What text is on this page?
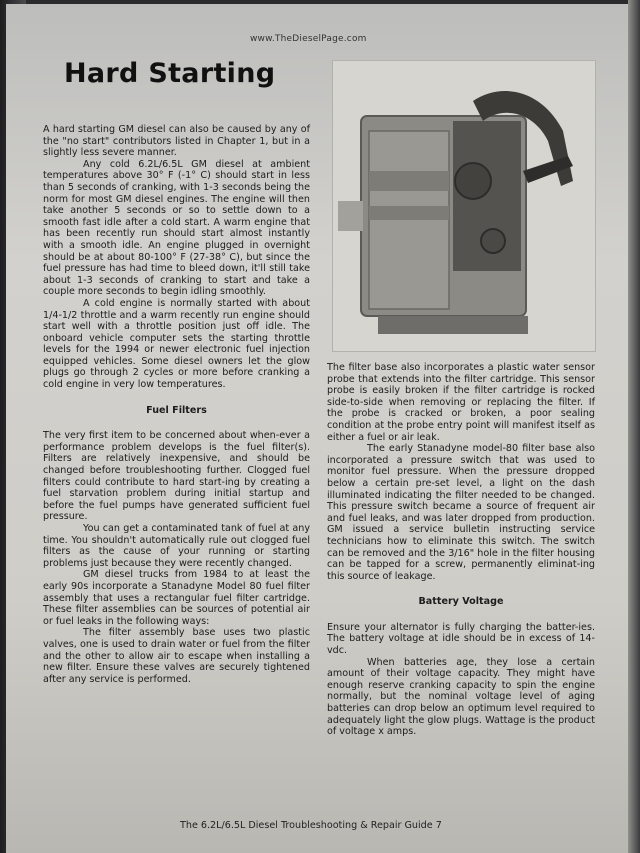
www.TheDieselPage.com
Hard Starting

A hard starting GM diesel can also be caused by any of the "no start" contributors listed in Chapter 1, but in a slightly less severe manner.

Any cold 6.2L/6.5L GM diesel at ambient temperatures above 30° F (-1° C) should start in less than 5 seconds of cranking, with 1-3 seconds being the norm for most GM diesel engines. The engine will then take another 5 seconds or so to settle down to a smooth fast idle after a cold start. A warm engine that has been recently run should start almost instantly with a smooth idle. An engine plugged in overnight should be at about 80-100° F (27-38° C), but since the fuel pressure has had time to bleed down, it'll still take about 1-3 seconds of cranking to start and take a couple more seconds to begin idling smoothly.

A cold engine is normally started with about 1/4-1/2 throttle and a warm recently run engine should start well with a throttle position just off idle. The onboard vehicle computer sets the starting throttle levels for the 1994 or newer electronic fuel injection equipped vehicles. Some diesel owners let the glow plugs go through 2 cycles or more before cranking a cold engine in very low temperatures.

Fuel Filters

The very first item to be concerned about when-ever a performance problem develops is the fuel filter(s). Filters are relatively inexpensive, and should be changed before troubleshooting further. Clogged fuel filters could contribute to hard start-ing by creating a fuel starvation problem during initial startup and before the fuel pumps have generated sufficient fuel pressure.

You can get a contaminated tank of fuel at any time. You shouldn't automatically rule out clogged fuel filters as the cause of your running or starting problems just because they were recently changed.

GM diesel trucks from 1984 to at least the early 90s incorporate a Stanadyne Model 80 fuel filter assembly that uses a rectangular fuel filter cartridge. These filter assemblies can be sources of potential air or fuel leaks in the following ways:

The filter assembly base uses two plastic valves, one is used to drain water or fuel from the filter and the other to allow air to escape when installing a new filter. Ensure these valves are securely tightened after any service is performed.

The filter base also incorporates a plastic water sensor probe that extends into the filter cartridge. This sensor probe is easily broken if the filter cartridge is rocked side-to-side when removing or replacing the filter. If the probe is cracked or broken, a poor sealing condition at the probe entry point will manifest itself as either a fuel or air leak.

The early Stanadyne model-80 filter base also incorporated a pressure switch that was used to monitor fuel pressure. When the pressure dropped below a certain pre-set level, a light on the dash illuminated indicating the filter needed to be changed. This pressure switch became a source of frequent air and fuel leaks, and was later dropped from production. GM issued a service bulletin instructing service technicians how to eliminate this switch. The switch can be removed and the 3/16" hole in the filter housing can be tapped for a screw, permanently eliminat-ing this source of leakage.

Battery Voltage

Ensure your alternator is fully charging the batter-ies. The battery voltage at idle should be in excess of 14-vdc.

When batteries age, they lose a certain amount of their voltage capacity. They might have enough reserve cranking capacity to spin the engine normally, but the nominal voltage level of aging batteries can drop below an optimum level required to adequately light the glow plugs. Wattage is the product of voltage x amps.

The 6.2L/6.5L Diesel Troubleshooting & Repair Guide 7
